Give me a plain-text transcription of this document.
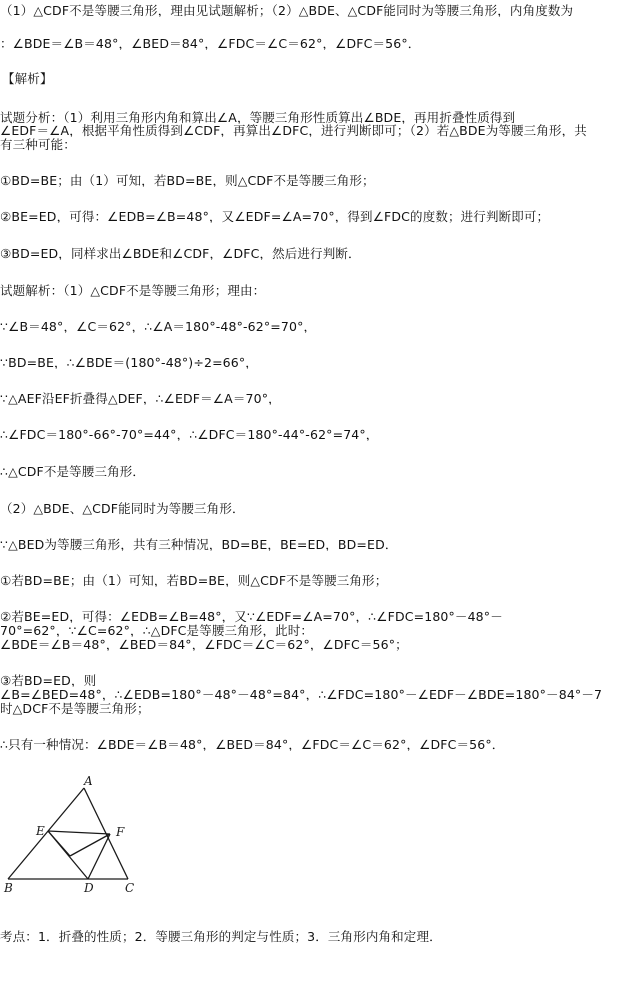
（1）△CDF不是等腰三角形，理由见试题解析；（2）△BDE、△CDF能同时为等腰三角形，内角度数为
：∠BDE＝∠B＝48°，∠BED＝84°，∠FDC＝∠C＝62°，∠DFC＝56°．
【解析】
试题分析：（1）利用三角形内角和算出∠A，等腰三角形性质算出∠BDE，再用折叠性质得到
∠EDF＝∠A，根据平角性质得到∠CDF，再算出∠DFC，进行判断即可；（2）若△BDE为等腰三角形，共
有三种可能：
①BD=BE；由（1）可知，若BD=BE，则△CDF不是等腰三角形；
②BE=ED，可得：∠EDB=∠B=48°，又∠EDF=∠A=70°，得到∠FDC的度数；进行判断即可；
③BD=ED，同样求出∠BDE和∠CDF，∠DFC，然后进行判断．
试题解析：（1）△CDF不是等腰三角形；理由：
∵∠B＝48°，∠C＝62°，∴∠A＝180°-48°-62°=70°，
∵BD=BE，∴∠BDE＝(180°-48°)÷2=66°，
∵△AEF沿EF折叠得△DEF，∴∠EDF＝∠A＝70°，
∴∠FDC＝180°-66°-70°=44°，∴∠DFC＝180°-44°-62°=74°，
∴△CDF不是等腰三角形．
（2）△BDE、△CDF能同时为等腰三角形．
∵△BED为等腰三角形，共有三种情况，BD=BE，BE=ED，BD=ED．
①若BD=BE；由（1）可知，若BD=BE，则△CDF不是等腰三角形；
②若BE=ED，可得：∠EDB=∠B=48°，又∵∠EDF=∠A=70°，∴∠FDC=180°－48°－
70°=62°，∵∠C=62°，∴△DFC是等腰三角形，此时：
∠BDE＝∠B＝48°，∠BED＝84°，∠FDC＝∠C＝62°，∠DFC＝56°；
③若BD=ED，则
∠B=∠BED=48°，∴∠EDB=180°－48°－48°=84°，∴∠FDC=180°－∠EDF－∠BDE=180°－84°－7
时△DCF不是等腰三角形；
∴只有一种情况：∠BDE＝∠B＝48°，∠BED＝84°，∠FDC＝∠C＝62°，∠DFC＝56°．
A
E	F
B	D	C
考点：1．折叠的性质；2．等腰三角形的判定与性质；3．三角形内角和定理．
